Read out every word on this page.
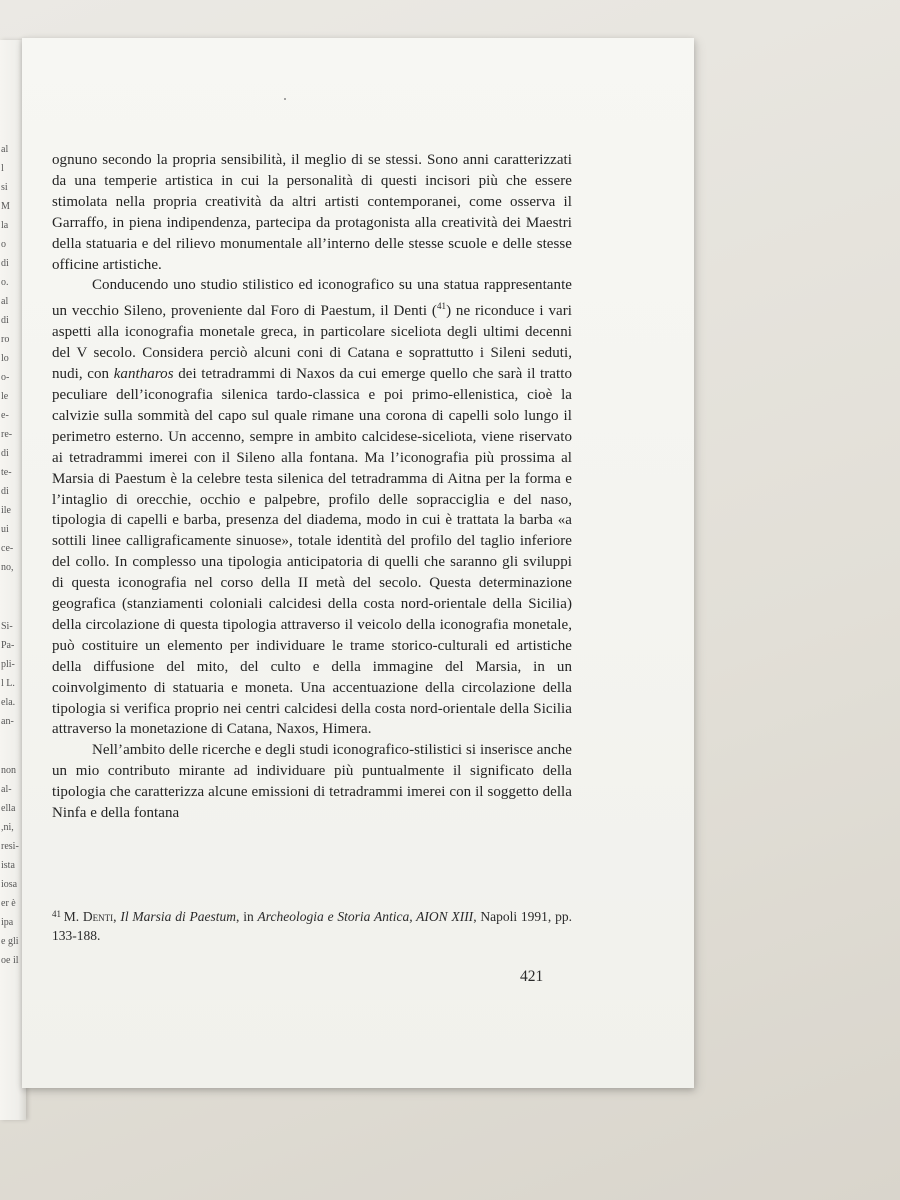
al
l
si
M
la
o
di
o.
al
di
ro
lo
o-
le
e-
re-
di
te-
di
ile
ui
ce-
no,
Si-
Pa-
pli-
l L.
ela.
an-
non
al-
ella
,ni,
resi-
ista
iosa
er è
ipa
e gli
oe il

ognuno secondo la propria sensibilità, il meglio di se stessi. Sono anni caratterizzati da una temperie artistica in cui la personalità di questi incisori più che essere stimolata nella propria creatività da altri artisti contemporanei, come osserva il Garraffo, in piena indipendenza, partecipa da protagonista alla creatività dei Maestri della statuaria e del rilievo monumentale all’interno delle stesse scuole e delle stesse officine artistiche.

Conducendo uno studio stilistico ed iconografico su una statua rappresentante un vecchio Sileno, proveniente dal Foro di Paestum, il Denti ($^{41}$) ne riconduce i vari aspetti alla iconografia monetale greca, in particolare siceliota degli ultimi decenni del V secolo. Considera perciò alcuni coni di Catana e soprattutto i Sileni seduti, nudi, con kantharos dei tetradrammi di Naxos da cui emerge quello che sarà il tratto peculiare dell’iconografia silenica tardo-classica e poi primo-ellenistica, cioè la calvizie sulla sommità del capo sul quale rimane una corona di capelli solo lungo il perimetro esterno. Un accenno, sempre in ambito calcidese-siceliota, viene riservato ai tetradrammi imerei con il Sileno alla fontana. Ma l’iconografia più prossima al Marsia di Paestum è la celebre testa silenica del tetradramma di Aitna per la forma e l’intaglio di orecchie, occhio e palpebre, profilo delle sopracciglia e del naso, tipologia di capelli e barba, presenza del diadema, modo in cui è trattata la barba «a sottili linee calligraficamente sinuose», totale identità del profilo del taglio inferiore del collo. In complesso una tipologia anticipatoria di quelli che saranno gli sviluppi di questa iconografia nel corso della II metà del secolo. Questa determinazione geografica (stanziamenti coloniali calcidesi della costa nord-orientale della Sicilia) della circolazione di questa tipologia attraverso il veicolo della iconografia monetale, può costituire un elemento per individuare le trame storico-culturali ed artistiche della diffusione del mito, del culto e della immagine del Marsia, in un coinvolgimento di statuaria e moneta. Una accentuazione della circolazione della tipologia si verifica proprio nei centri calcidesi della costa nord-orientale della Sicilia attraverso la monetazione di Catana, Naxos, Himera.

Nell’ambito delle ricerche e degli studi iconografico-stilistici si inserisce anche un mio contributo mirante ad individuare più puntualmente il significato della tipologia che caratterizza alcune emissioni di tetradrammi imerei con il soggetto della Ninfa e della fontana

$^{41}$  M. Denti, Il Marsia di Paestum, in Archeologia e Storia Antica, AION XIII, Napoli 1991, pp. 133-188.
421
